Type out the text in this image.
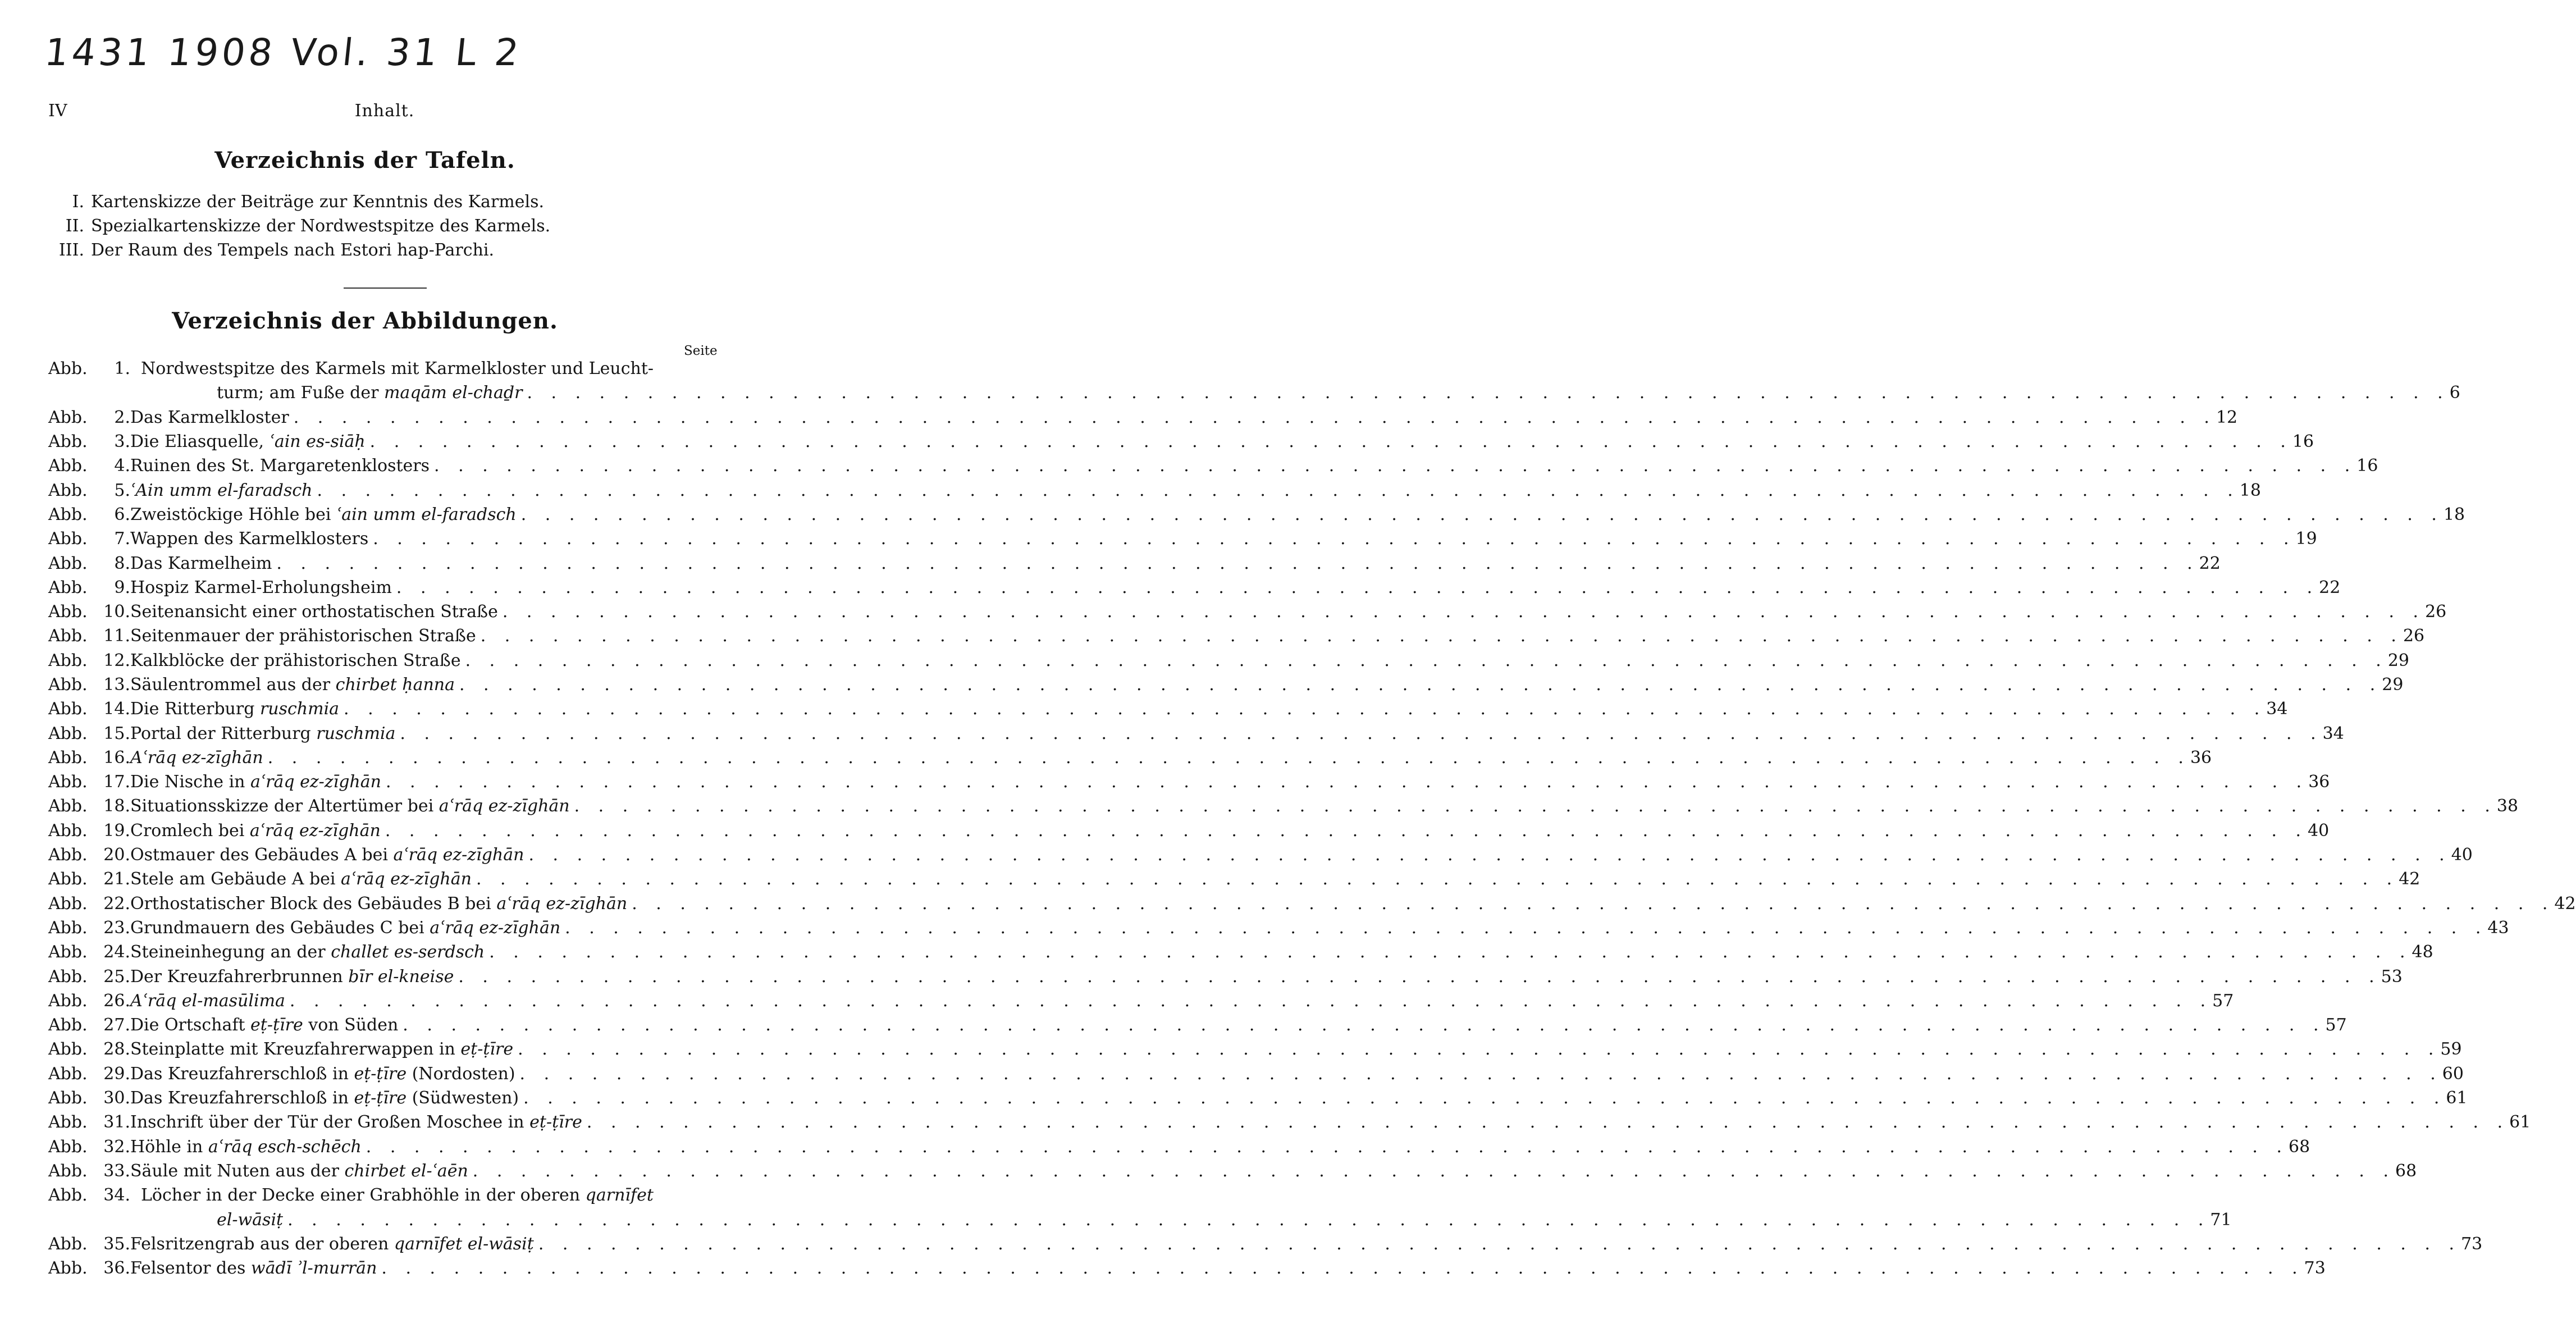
1431 1908 Vol. 31 L 2
IV	Inhalt.
Verzeichnis der Tafeln.
I. Kartenskizze der Beiträge zur Kenntnis des Karmels.
II. Spezialkartenskizze der Nordwestspitze des Karmels.
III. Der Raum des Tempels nach Estori hap-Parchi.
Verzeichnis der Abbildungen.
Seite
Abb. 1. Nordwestspitze des Karmels mit Karmelkloster und Leucht-
turm; am Fuße der maqām el-chaḏr . . . . . . . . . . . . . . . . . . . . . . . . . . . . . . . . . . . . . . . . . . . . . . . . . . . . . . . . . . . . . . . . . . . . . . . . . . . . . . . . 6
Abb. 2. Das Karmelkloster . . . . . . . . . . . . . . . . . . . . . . . . . . . . . . . . . . . . . . . . . . . . . . . . . . . . . . . . . . . . . . . . . . . . . . . . . . . . . . . . 12
Abb. 3. Die Eliasquelle, ʿain es-siāḥ . . . . . . . . . . . . . . . . . . . . . . . . . . . . . . . . . . . . . . . . . . . . . . . . . . . . . . . . . . . . . . . . . . . . . . . . . . . . . . . . 16
Abb. 4. Ruinen des St. Margaretenklosters . . . . . . . . . . . . . . . . . . . . . . . . . . . . . . . . . . . . . . . . . . . . . . . . . . . . . . . . . . . . . . . . . . . . . . . . . . . . . . . . 16
Abb. 5. ʿAin umm el-faradsch . . . . . . . . . . . . . . . . . . . . . . . . . . . . . . . . . . . . . . . . . . . . . . . . . . . . . . . . . . . . . . . . . . . . . . . . . . . . . . . . 18
Abb. 6. Zweistöckige Höhle bei ʿain umm el-faradsch . . . . . . . . . . . . . . . . . . . . . . . . . . . . . . . . . . . . . . . . . . . . . . . . . . . . . . . . . . . . . . . . . . . . . . . . . . . . . . . . 18
Abb. 7. Wappen des Karmelklosters . . . . . . . . . . . . . . . . . . . . . . . . . . . . . . . . . . . . . . . . . . . . . . . . . . . . . . . . . . . . . . . . . . . . . . . . . . . . . . . . 19
Abb. 8. Das Karmelheim . . . . . . . . . . . . . . . . . . . . . . . . . . . . . . . . . . . . . . . . . . . . . . . . . . . . . . . . . . . . . . . . . . . . . . . . . . . . . . . . 22
Abb. 9. Hospiz Karmel-Erholungsheim . . . . . . . . . . . . . . . . . . . . . . . . . . . . . . . . . . . . . . . . . . . . . . . . . . . . . . . . . . . . . . . . . . . . . . . . . . . . . . . . 22
Abb. 10. Seitenansicht einer orthostatischen Straße . . . . . . . . . . . . . . . . . . . . . . . . . . . . . . . . . . . . . . . . . . . . . . . . . . . . . . . . . . . . . . . . . . . . . . . . . . . . . . . . 26
Abb. 11. Seitenmauer der prähistorischen Straße . . . . . . . . . . . . . . . . . . . . . . . . . . . . . . . . . . . . . . . . . . . . . . . . . . . . . . . . . . . . . . . . . . . . . . . . . . . . . . . . 26
Abb. 12. Kalkblöcke der prähistorischen Straße . . . . . . . . . . . . . . . . . . . . . . . . . . . . . . . . . . . . . . . . . . . . . . . . . . . . . . . . . . . . . . . . . . . . . . . . . . . . . . . . 29
Abb. 13. Säulentrommel aus der chirbet ḥanna . . . . . . . . . . . . . . . . . . . . . . . . . . . . . . . . . . . . . . . . . . . . . . . . . . . . . . . . . . . . . . . . . . . . . . . . . . . . . . . . 29
Abb. 14. Die Ritterburg ruschmia . . . . . . . . . . . . . . . . . . . . . . . . . . . . . . . . . . . . . . . . . . . . . . . . . . . . . . . . . . . . . . . . . . . . . . . . . . . . . . . . 34
Abb. 15. Portal der Ritterburg ruschmia . . . . . . . . . . . . . . . . . . . . . . . . . . . . . . . . . . . . . . . . . . . . . . . . . . . . . . . . . . . . . . . . . . . . . . . . . . . . . . . . 34
Abb. 16. Aʿrāq ez-zīghān . . . . . . . . . . . . . . . . . . . . . . . . . . . . . . . . . . . . . . . . . . . . . . . . . . . . . . . . . . . . . . . . . . . . . . . . . . . . . . . . 36
Abb. 17. Die Nische in aʿrāq ez-zīghān . . . . . . . . . . . . . . . . . . . . . . . . . . . . . . . . . . . . . . . . . . . . . . . . . . . . . . . . . . . . . . . . . . . . . . . . . . . . . . . . 36
Abb. 18. Situationsskizze der Altertümer bei aʿrāq ez-zīghān . . . . . . . . . . . . . . . . . . . . . . . . . . . . . . . . . . . . . . . . . . . . . . . . . . . . . . . . . . . . . . . . . . . . . . . . . . . . . . . . 38
Abb. 19. Cromlech bei aʿrāq ez-zīghān . . . . . . . . . . . . . . . . . . . . . . . . . . . . . . . . . . . . . . . . . . . . . . . . . . . . . . . . . . . . . . . . . . . . . . . . . . . . . . . . 40
Abb. 20. Ostmauer des Gebäudes A bei aʿrāq ez-zīghān . . . . . . . . . . . . . . . . . . . . . . . . . . . . . . . . . . . . . . . . . . . . . . . . . . . . . . . . . . . . . . . . . . . . . . . . . . . . . . . . 40
Abb. 21. Stele am Gebäude A bei aʿrāq ez-zīghān . . . . . . . . . . . . . . . . . . . . . . . . . . . . . . . . . . . . . . . . . . . . . . . . . . . . . . . . . . . . . . . . . . . . . . . . . . . . . . . . 42
Abb. 22. Orthostatischer Block des Gebäudes B bei aʿrāq ez-zīghān . . . . . . . . . . . . . . . . . . . . . . . . . . . . . . . . . . . . . . . . . . . . . . . . . . . . . . . . . . . . . . . . . . . . . . . . . . . . . . . . 42
Abb. 23. Grundmauern des Gebäudes C bei aʿrāq ez-zīghān . . . . . . . . . . . . . . . . . . . . . . . . . . . . . . . . . . . . . . . . . . . . . . . . . . . . . . . . . . . . . . . . . . . . . . . . . . . . . . . . 43
Abb. 24. Steineinhegung an der challet es-serdsch . . . . . . . . . . . . . . . . . . . . . . . . . . . . . . . . . . . . . . . . . . . . . . . . . . . . . . . . . . . . . . . . . . . . . . . . . . . . . . . . 48
Abb. 25. Der Kreuzfahrerbrunnen bīr el-kneise . . . . . . . . . . . . . . . . . . . . . . . . . . . . . . . . . . . . . . . . . . . . . . . . . . . . . . . . . . . . . . . . . . . . . . . . . . . . . . . . 53
Abb. 26. Aʿrāq el-masūlima . . . . . . . . . . . . . . . . . . . . . . . . . . . . . . . . . . . . . . . . . . . . . . . . . . . . . . . . . . . . . . . . . . . . . . . . . . . . . . . . 57
Abb. 27. Die Ortschaft eṭ-ṭīre von Süden . . . . . . . . . . . . . . . . . . . . . . . . . . . . . . . . . . . . . . . . . . . . . . . . . . . . . . . . . . . . . . . . . . . . . . . . . . . . . . . . 57
Abb. 28. Steinplatte mit Kreuzfahrerwappen in eṭ-ṭīre . . . . . . . . . . . . . . . . . . . . . . . . . . . . . . . . . . . . . . . . . . . . . . . . . . . . . . . . . . . . . . . . . . . . . . . . . . . . . . . . 59
Abb. 29. Das Kreuzfahrerschloß in eṭ-ṭīre (Nordosten) . . . . . . . . . . . . . . . . . . . . . . . . . . . . . . . . . . . . . . . . . . . . . . . . . . . . . . . . . . . . . . . . . . . . . . . . . . . . . . . . 60
Abb. 30. Das Kreuzfahrerschloß in eṭ-ṭīre (Südwesten) . . . . . . . . . . . . . . . . . . . . . . . . . . . . . . . . . . . . . . . . . . . . . . . . . . . . . . . . . . . . . . . . . . . . . . . . . . . . . . . . 61
Abb. 31. Inschrift über der Tür der Großen Moschee in eṭ-ṭīre . . . . . . . . . . . . . . . . . . . . . . . . . . . . . . . . . . . . . . . . . . . . . . . . . . . . . . . . . . . . . . . . . . . . . . . . . . . . . . . . 61
Abb. 32. Höhle in aʿrāq esch-schēch . . . . . . . . . . . . . . . . . . . . . . . . . . . . . . . . . . . . . . . . . . . . . . . . . . . . . . . . . . . . . . . . . . . . . . . . . . . . . . . . 68
Abb. 33. Säule mit Nuten aus der chirbet el-ʿaēn . . . . . . . . . . . . . . . . . . . . . . . . . . . . . . . . . . . . . . . . . . . . . . . . . . . . . . . . . . . . . . . . . . . . . . . . . . . . . . . . 68
Abb. 34. Löcher in der Decke einer Grabhöhle in der oberen qarnīfet
el-wāsiṭ . . . . . . . . . . . . . . . . . . . . . . . . . . . . . . . . . . . . . . . . . . . . . . . . . . . . . . . . . . . . . . . . . . . . . . . . . . . . . . . . 71
Abb. 35. Felsritzengrab aus der oberen qarnīfet el-wāsiṭ . . . . . . . . . . . . . . . . . . . . . . . . . . . . . . . . . . . . . . . . . . . . . . . . . . . . . . . . . . . . . . . . . . . . . . . . . . . . . . . . 73
Abb. 36. Felsentor des wādī ʾl-murrān . . . . . . . . . . . . . . . . . . . . . . . . . . . . . . . . . . . . . . . . . . . . . . . . . . . . . . . . . . . . . . . . . . . . . . . . . . . . . . . . 73
